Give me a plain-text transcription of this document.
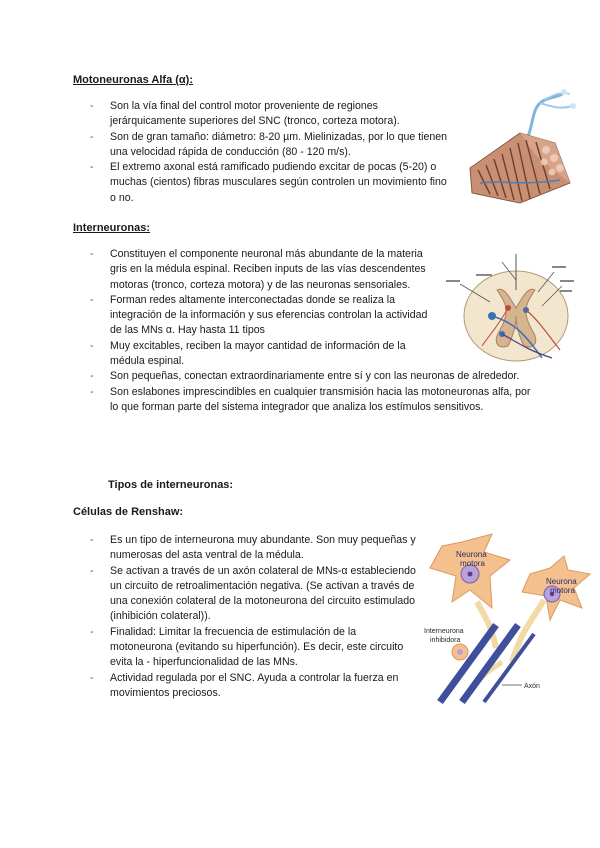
Motoneuronas Alfa (α):
- Son la vía final del control motor proveniente de regiones jerárquicamente superiores del SNC (tronco, corteza motora).
- Son de gran tamaño: diámetro: 8-20 µm. Mielinizadas, por lo que tienen una velocidad rápida de conducción (80 - 120 m/s).
- El extremo axonal está ramificado pudiendo excitar de pocas (5-20) o muchas (cientos) fibras musculares según controlen un movimiento fino o no.
Interneuronas:
- Constituyen el componente neuronal más abundante de la materia gris en la médula espinal. Reciben inputs de las vías descendentes motoras (tronco, corteza motora) y de las neuronas sensoriales.
- Forman redes altamente interconectadas donde se realiza la integración de la información y sus eferencias controlan la actividad de las MNs α. Hay hasta 11 tipos
- Muy excitables, reciben la mayor cantidad de información de la médula espinal.
- Son pequeñas, conectan extraordinariamente entre sí y con las neuronas de alrededor.
- Son eslabones imprescindibles en cualquier transmisión hacia las motoneuronas alfa, por lo que forman parte del sistema integrador que analiza los estímulos sensitivos.
Tipos de interneuronas:
Células de Renshaw:
- Es un tipo de interneurona muy abundante. Son muy pequeñas y numerosas del asta ventral de la médula.
- Se activan a través de un axón colateral de MNs-α estableciendo un circuito de retroalimentación negativa. (Se activan a través de una conexión colateral de la motoneurona del circuito estimulado (inhibición colateral)).
- Finalidad: Limitar la frecuencia de estimulación de la motoneurona (evitando su hiperfunción). Es decir, este circuito evita la - hiperfuncionalidad de las MNs.
- Actividad regulada por el SNC. Ayuda a controlar la fuerza en movimientos preciosos.
Neurona
motora
Neurona
motora
Interneurona
inhibidora
Axón
